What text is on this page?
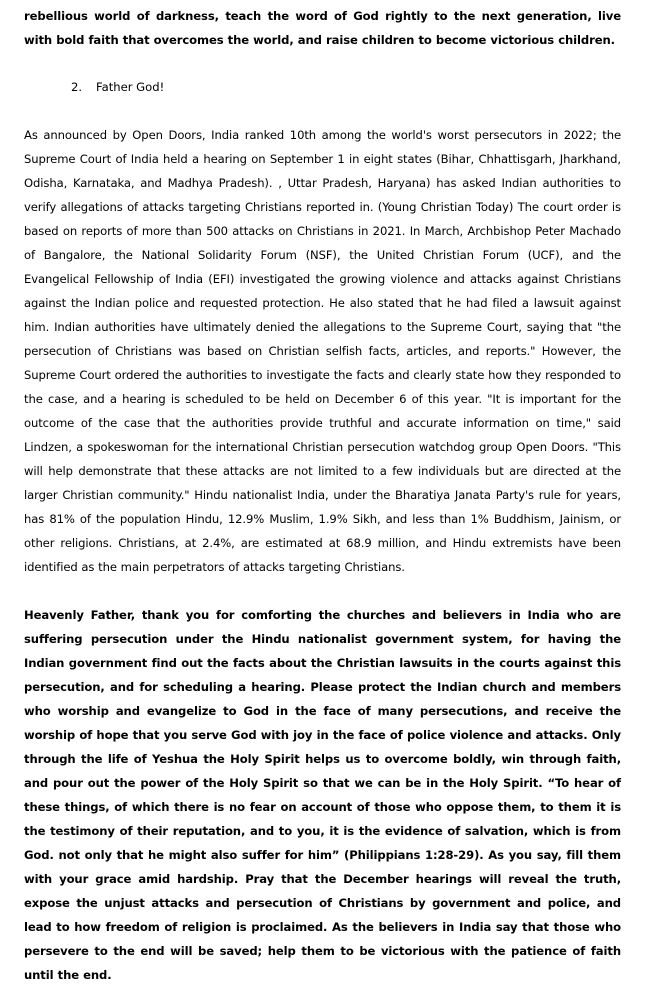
rebellious world of darkness, teach the word of God rightly to the next generation, live with bold faith that overcomes the world, and raise children to become victorious children.

2. Father God!

As announced by Open Doors, India ranked 10th among the world's worst persecutors in 2022; the Supreme Court of India held a hearing on September 1 in eight states (Bihar, Chhattisgarh, Jharkhand, Odisha, Karnataka, and Madhya Pradesh). , Uttar Pradesh, Haryana) has asked Indian authorities to verify allegations of attacks targeting Christians reported in. (Young Christian Today) The court order is based on reports of more than 500 attacks on Christians in 2021. In March, Archbishop Peter Machado of Bangalore, the National Solidarity Forum (NSF), the United Christian Forum (UCF), and the Evangelical Fellowship of India (EFI) investigated the growing violence and attacks against Christians against the Indian police and requested protection. He also stated that he had filed a lawsuit against him. Indian authorities have ultimately denied the allegations to the Supreme Court, saying that "the persecution of Christians was based on Christian selfish facts, articles, and reports." However, the Supreme Court ordered the authorities to investigate the facts and clearly state how they responded to the case, and a hearing is scheduled to be held on December 6 of this year. "It is important for the outcome of the case that the authorities provide truthful and accurate information on time," said Lindzen, a spokeswoman for the international Christian persecution watchdog group Open Doors. "This will help demonstrate that these attacks are not limited to a few individuals but are directed at the larger Christian community." Hindu nationalist India, under the Bharatiya Janata Party's rule for years, has 81% of the population Hindu, 12.9% Muslim, 1.9% Sikh, and less than 1% Buddhism, Jainism, or other religions. Christians, at 2.4%, are estimated at 68.9 million, and Hindu extremists have been identified as the main perpetrators of attacks targeting Christians.

Heavenly Father, thank you for comforting the churches and believers in India who are suffering persecution under the Hindu nationalist government system, for having the Indian government find out the facts about the Christian lawsuits in the courts against this persecution, and for scheduling a hearing. Please protect the Indian church and members who worship and evangelize to God in the face of many persecutions, and receive the worship of hope that you serve God with joy in the face of police violence and attacks. Only through the life of Yeshua the Holy Spirit helps us to overcome boldly, win through faith, and pour out the power of the Holy Spirit so that we can be in the Holy Spirit. “To hear of these things, of which there is no fear on account of those who oppose them, to them it is the testimony of their reputation, and to you, it is the evidence of salvation, which is from God. not only that he might also suffer for him” (Philippians 1:28-29). As you say, fill them with your grace amid hardship. Pray that the December hearings will reveal the truth, expose the unjust attacks and persecution of Christians by government and police, and lead to how freedom of religion is proclaimed. As the believers in India say that those who persevere to the end will be saved; help them to be victorious with the patience of faith until the end.
